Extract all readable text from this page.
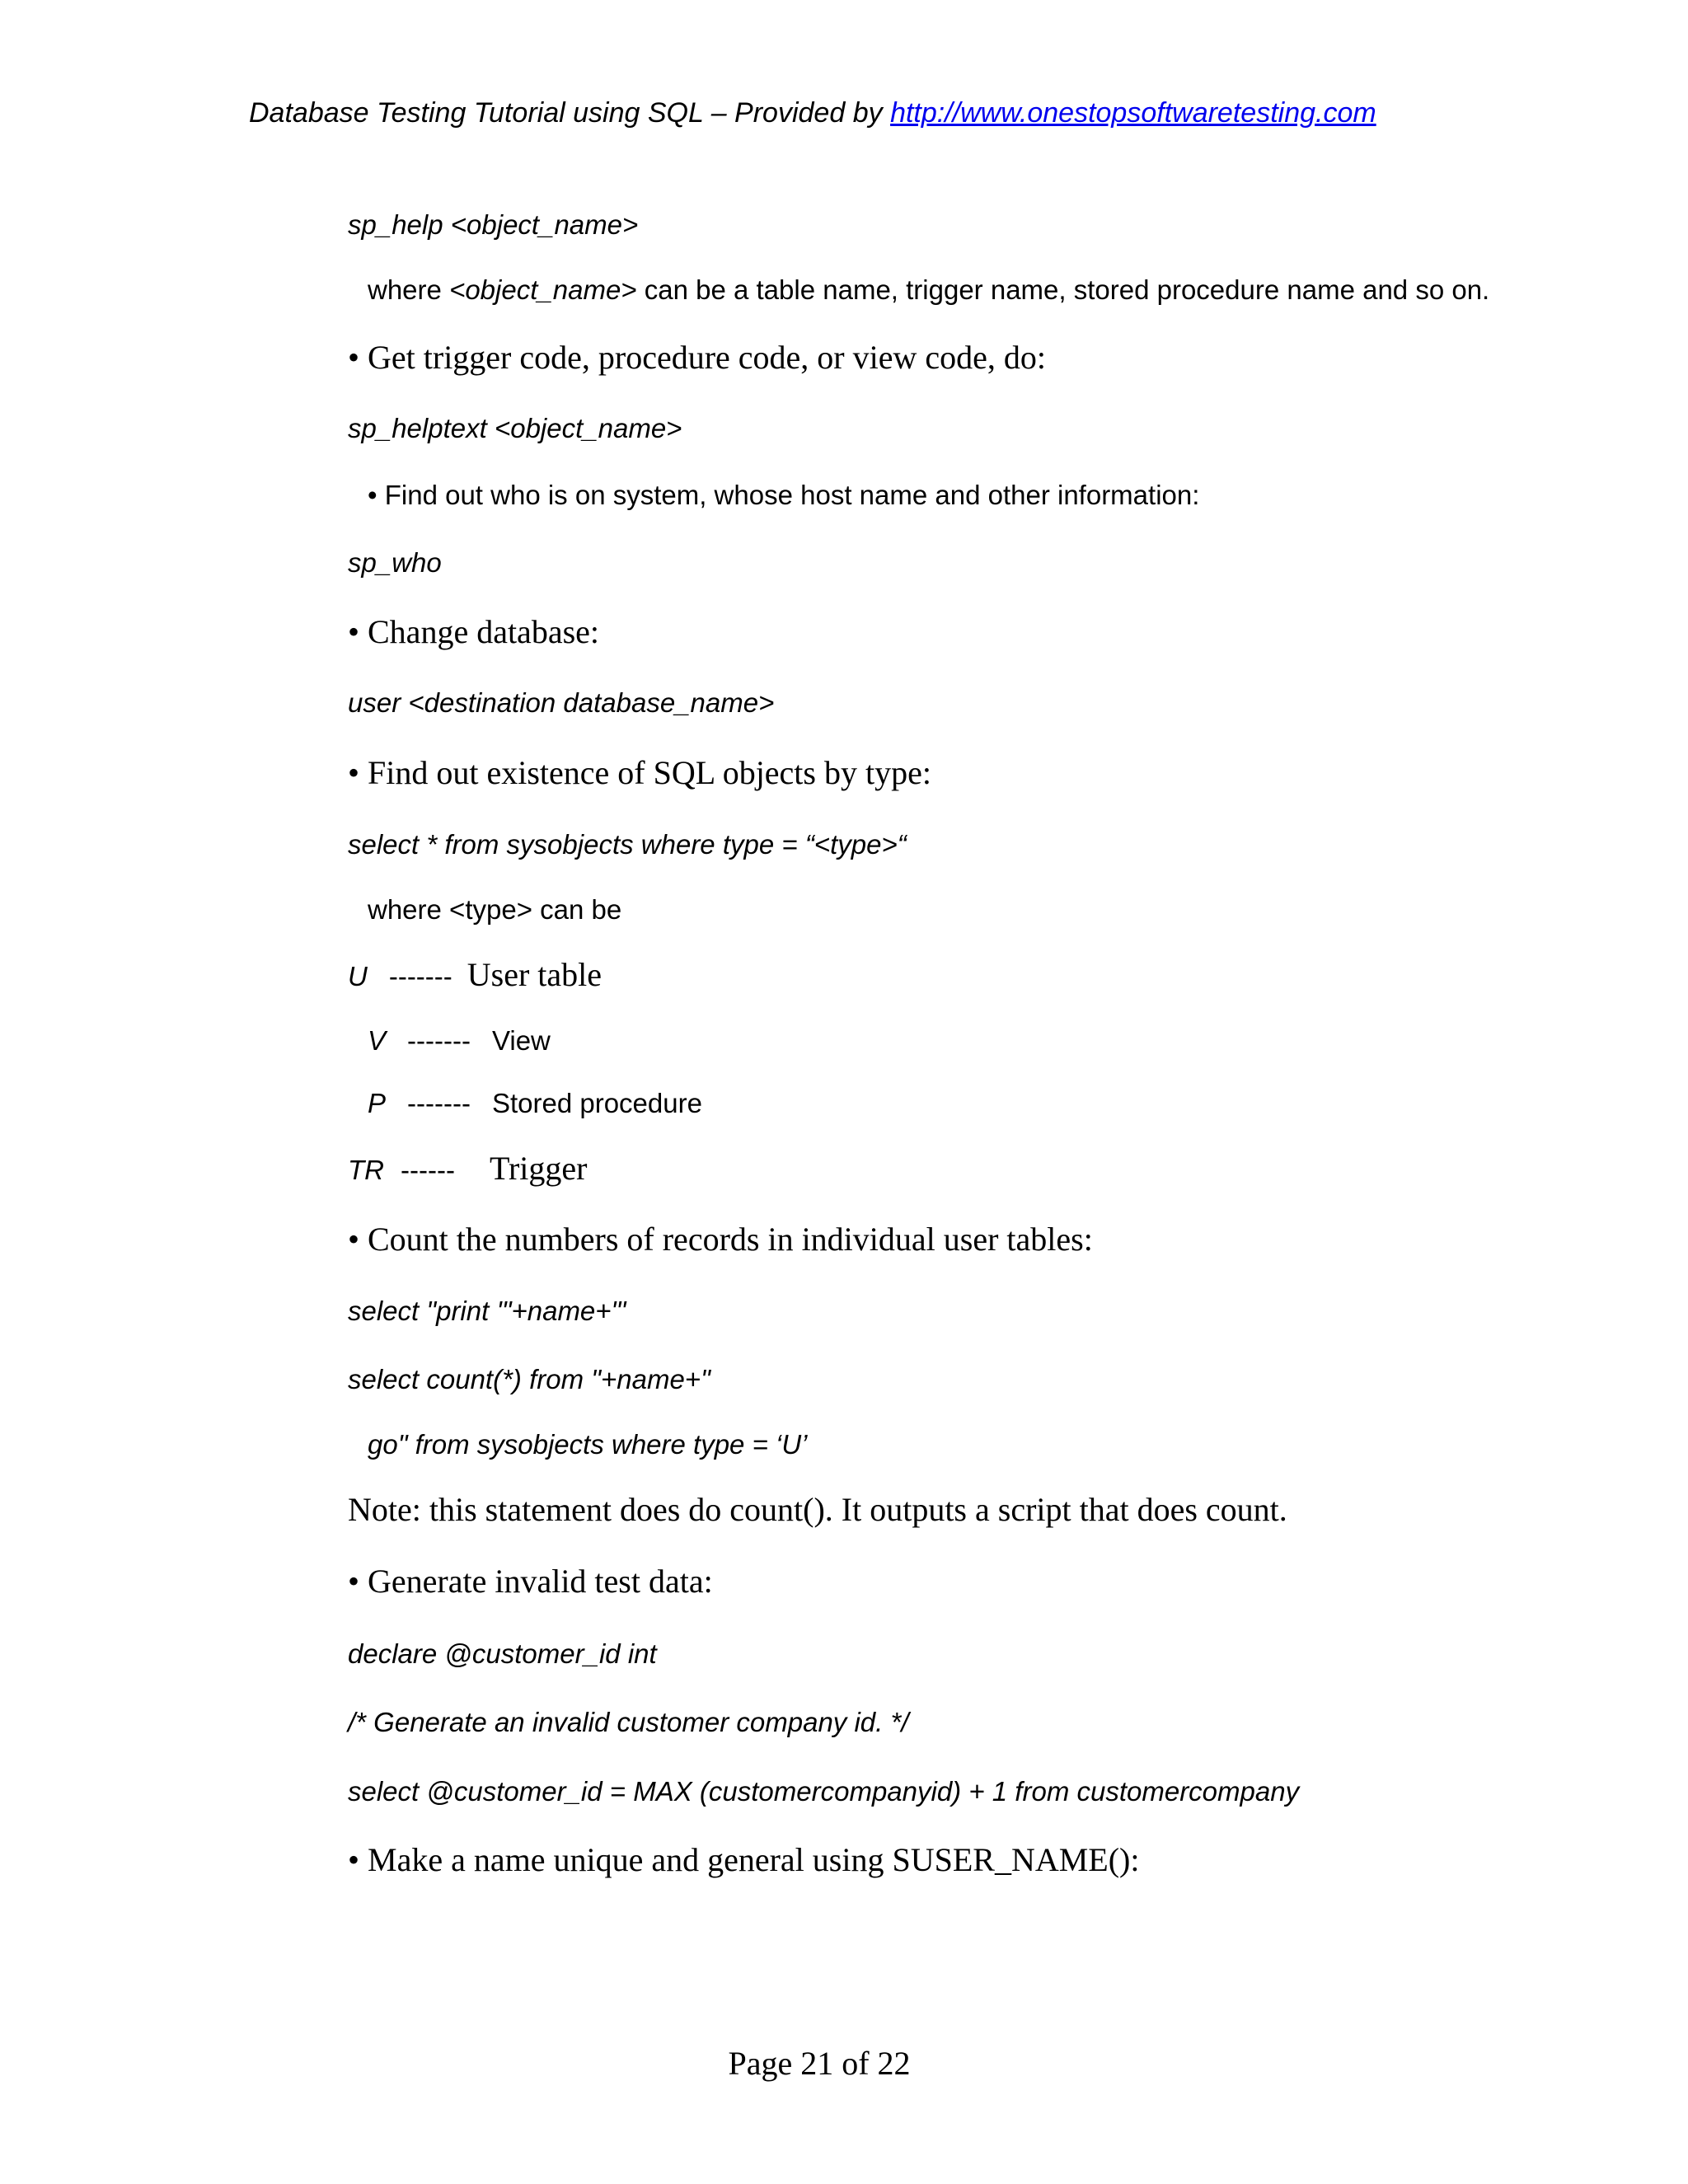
Database Testing Tutorial using SQL – Provided by http://www.onestopsoftwaretesting.com
sp_help <object_name>
where <object_name> can be a table name, trigger name, stored procedure name and so on.
• Get trigger code, procedure code, or view code, do:
sp_helptext <object_name>
• Find out who is on system, whose host name and other information:
sp_who
• Change database:
user <destination database_name>
• Find out existence of SQL objects by type:
select * from sysobjects where type = “<type>“
where <type> can be
U ------- User table
V ------- View
P ------- Stored procedure
TR ------ Trigger
• Count the numbers of records in individual user tables:
select "print '"+name+"'
select count(*) from "+name+"
go" from sysobjects where type = ‘U’
Note: this statement does do count(). It outputs a script that does count.
• Generate invalid test data:
declare @customer_id int
/* Generate an invalid customer company id. */
select @customer_id = MAX (customercompanyid) + 1 from customercompany
• Make a name unique and general using SUSER_NAME():
Page 21 of 22
